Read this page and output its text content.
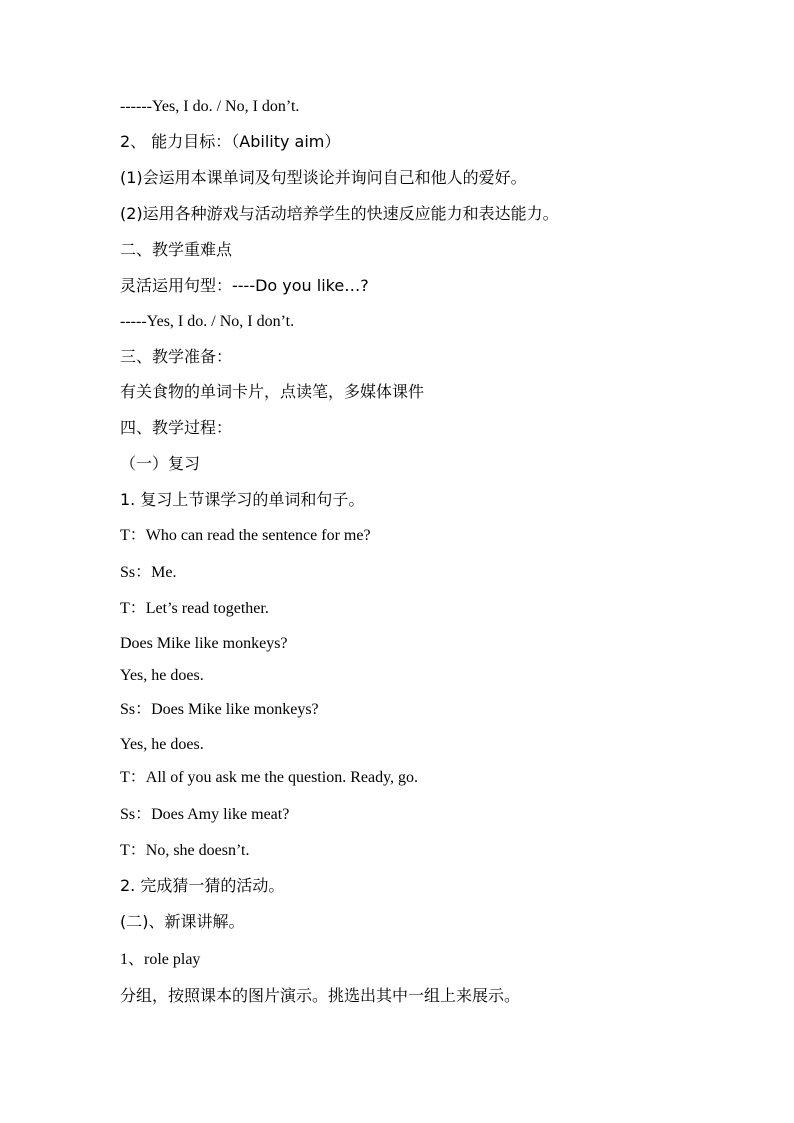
------Yes, I do. / No, I don’t.
2、 能力目标：（Ability aim）
(1)会运用本课单词及句型谈论并询问自己和他人的爱好。
(2)运用各种游戏与活动培养学生的快速反应能力和表达能力。
二、教学重难点
灵活运用句型：----Do you like…?
-----Yes, I do. / No, I don’t.
三、教学准备：
有关食物的单词卡片，点读笔，多媒体课件
四、教学过程：
（一）复习
1. 复习上节课学习的单词和句子。
T：Who can read the sentence for me?
Ss：Me.
T：Let’s read together.
Does Mike like monkeys?
Yes, he does.
Ss：Does Mike like monkeys?
Yes, he does.
T：All of you ask me the question. Ready, go.
Ss：Does Amy like meat?
T：No, she doesn’t.
2. 完成猜一猜的活动。
(二)、新课讲解。
1、role play
分组，按照课本的图片演示。挑选出其中一组上来展示。
